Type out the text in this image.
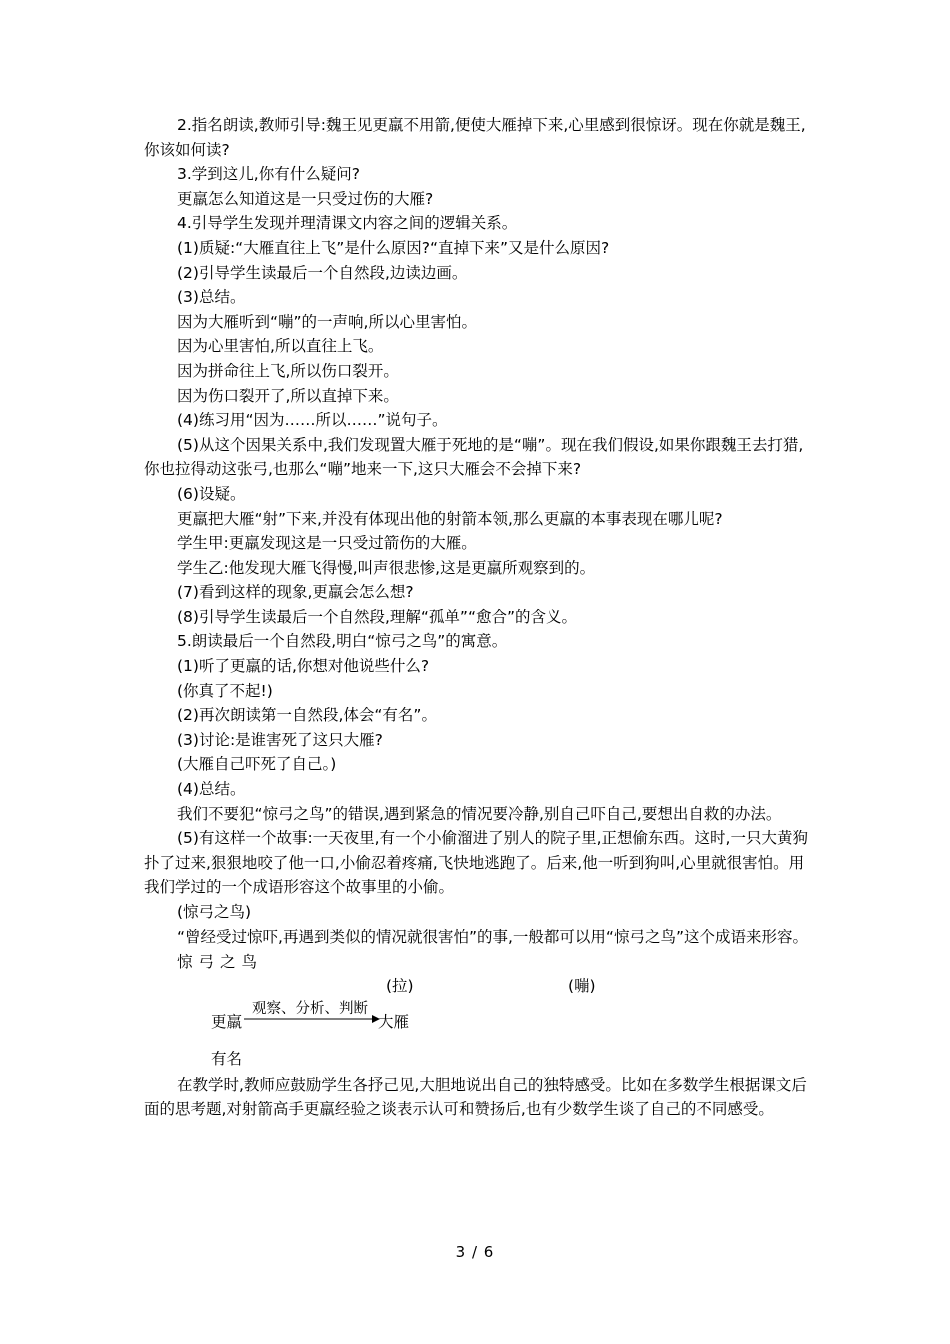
2.指名朗读,教师引导:魏王见更羸不用箭,便使大雁掉下来,心里感到很惊讶。现在你就是魏王,你该如何读?

3.学到这儿,你有什么疑问?

更羸怎么知道这是一只受过伤的大雁?

4.引导学生发现并理清课文内容之间的逻辑关系。

(1)质疑:“大雁直往上飞”是什么原因?“直掉下来”又是什么原因?

(2)引导学生读最后一个自然段,边读边画。

(3)总结。

因为大雁听到“嘣”的一声响,所以心里害怕。

因为心里害怕,所以直往上飞。

因为拼命往上飞,所以伤口裂开。

因为伤口裂开了,所以直掉下来。

(4)练习用“因为……所以……”说句子。

(5)从这个因果关系中,我们发现置大雁于死地的是“嘣”。现在我们假设,如果你跟魏王去打猎,你也拉得动这张弓,也那么“嘣”地来一下,这只大雁会不会掉下来?

(6)设疑。

更羸把大雁“射”下来,并没有体现出他的射箭本领,那么更羸的本事表现在哪儿呢?

学生甲:更羸发现这是一只受过箭伤的大雁。

学生乙:他发现大雁飞得慢,叫声很悲惨,这是更羸所观察到的。

(7)看到这样的现象,更羸会怎么想?

(8)引导学生读最后一个自然段,理解“孤单”“愈合”的含义。

5.朗读最后一个自然段,明白“惊弓之鸟”的寓意。

(1)听了更羸的话,你想对他说些什么?

(你真了不起!)

(2)再次朗读第一自然段,体会“有名”。

(3)讨论:是谁害死了这只大雁?

(大雁自己吓死了自己。)

(4)总结。

我们不要犯“惊弓之鸟”的错误,遇到紧急的情况要冷静,别自己吓自己,要想出自救的办法。

(5)有这样一个故事:一天夜里,有一个小偷溜进了别人的院子里,正想偷东西。这时,一只大黄狗扑了过来,狠狠地咬了他一口,小偷忍着疼痛,飞快地逃跑了。后来,他一听到狗叫,心里就很害怕。用我们学过的一个成语形容这个故事里的小偷。

(惊弓之鸟)

“曾经受过惊吓,再遇到类似的情况就很害怕”的事,一般都可以用“惊弓之鸟”这个成语来形容。

惊弓之鸟

(拉)	(嘣)
观察、分析、判断
更羸	大雁
有名

在教学时,教师应鼓励学生各抒己见,大胆地说出自己的独特感受。比如在多数学生根据课文后面的思考题,对射箭高手更羸经验之谈表示认可和赞扬后,也有少数学生谈了自己的不同感受。

3 / 6
